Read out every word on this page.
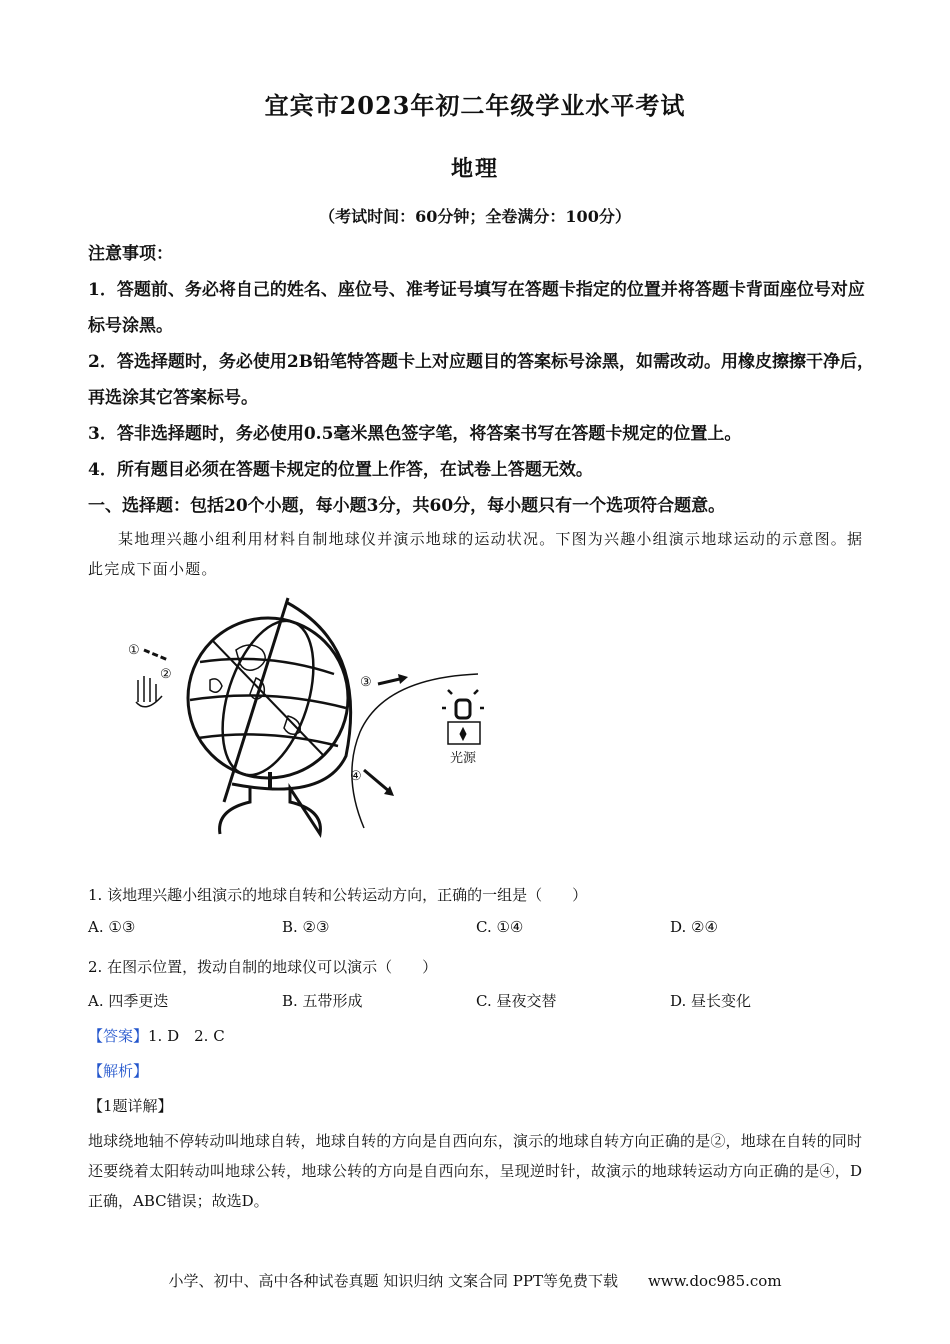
宜宾市2023年初二年级学业水平考试
地理
（考试时间：60分钟；全卷满分：100分）
注意事项：
1．答题前、务必将自己的姓名、座位号、准考证号填写在答题卡指定的位置并将答题卡背面座位号对应标号涂黑。
2．答选择题时，务必使用2B铅笔特答题卡上对应题目的答案标号涂黑，如需改动。用橡皮擦擦干净后，再选涂其它答案标号。
3．答非选择题时，务必使用0.5毫米黑色签字笔，将答案书写在答题卡规定的位置上。
4．所有题目必须在答题卡规定的位置上作答，在试卷上答题无效。
一、选择题：包括20个小题，每小题3分，共60分，每小题只有一个选项符合题意。
某地理兴趣小组利用材料自制地球仪并演示地球的运动状况。下图为兴趣小组演示地球运动的示意图。据此完成下面小题。
①
②
③
④
光源
1. 该地理兴趣小组演示的地球自转和公转运动方向，正确的一组是（　　）
A. ①③	B. ②③	C. ①④	D. ②④
2. 在图示位置，拨动自制的地球仪可以演示（　　）
A. 四季更迭	B. 五带形成	C. 昼夜交替	D. 昼长变化
【答案】1. D　2. C
【解析】
【1题详解】
地球绕地轴不停转动叫地球自转，地球自转的方向是自西向东，演示的地球自转方向正确的是②，地球在自转的同时还要绕着太阳转动叫地球公转，地球公转的方向是自西向东，呈现逆时针，故演示的地球转运动方向正确的是④，D正确，ABC错误；故选D。
小学、初中、高中各种试卷真题 知识归纳 文案合同 PPT等免费下载　　www.doc985.com
